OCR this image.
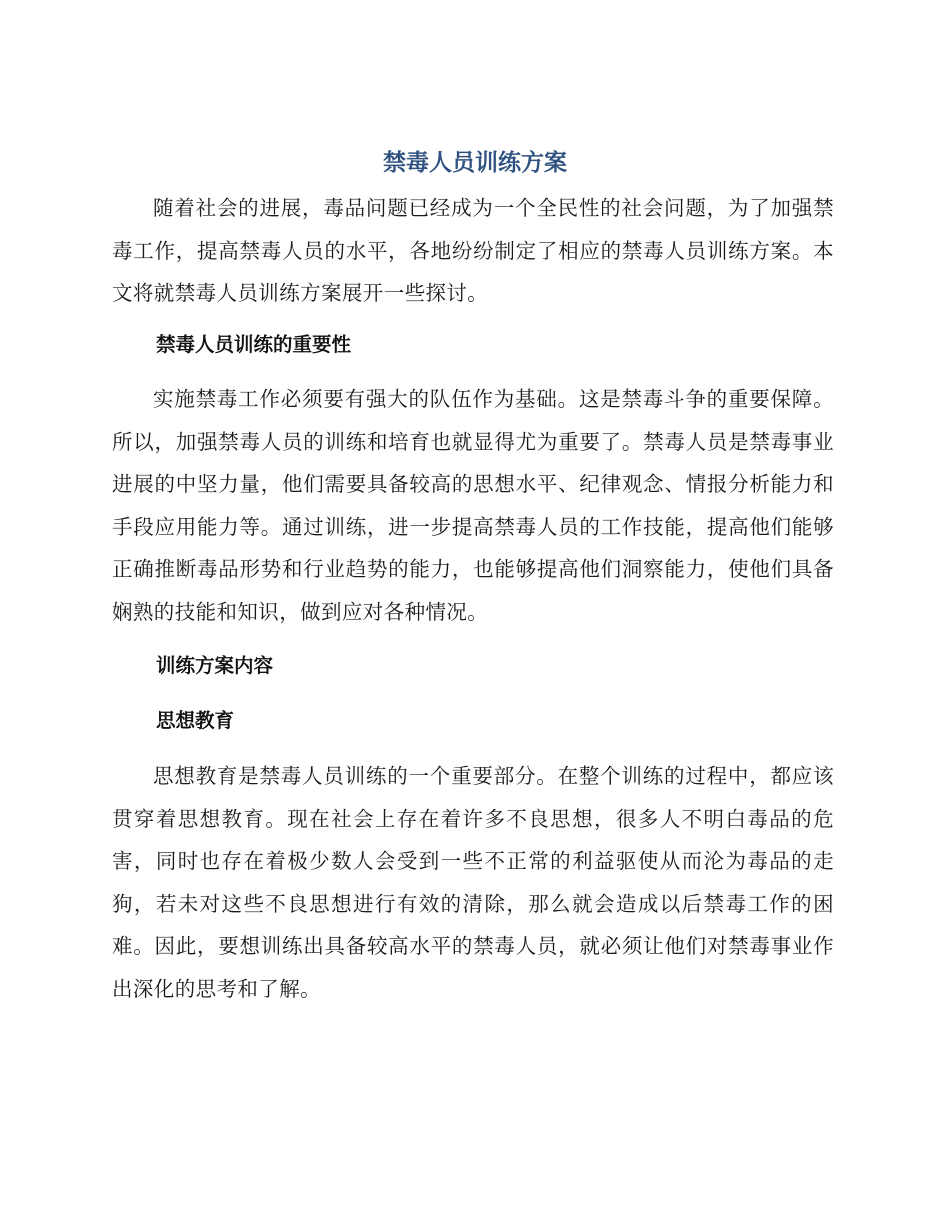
禁毒人员训练方案

随着社会的进展，毒品问题已经成为一个全民性的社会问题，为了加强禁毒工作，提高禁毒人员的水平，各地纷纷制定了相应的禁毒人员训练方案。本文将就禁毒人员训练方案展开一些探讨。

禁毒人员训练的重要性

实施禁毒工作必须要有强大的队伍作为基础。这是禁毒斗争的重要保障。所以，加强禁毒人员的训练和培育也就显得尤为重要了。禁毒人员是禁毒事业进展的中坚力量，他们需要具备较高的思想水平、纪律观念、情报分析能力和手段应用能力等。通过训练，进一步提高禁毒人员的工作技能，提高他们能够正确推断毒品形势和行业趋势的能力，也能够提高他们洞察能力，使他们具备娴熟的技能和知识，做到应对各种情况。

训练方案内容
思想教育

思想教育是禁毒人员训练的一个重要部分。在整个训练的过程中，都应该贯穿着思想教育。现在社会上存在着许多不良思想，很多人不明白毒品的危害，同时也存在着极少数人会受到一些不正常的利益驱使从而沦为毒品的走狗，若未对这些不良思想进行有效的清除，那么就会造成以后禁毒工作的困难。因此，要想训练出具备较高水平的禁毒人员，就必须让他们对禁毒事业作出深化的思考和了解。
